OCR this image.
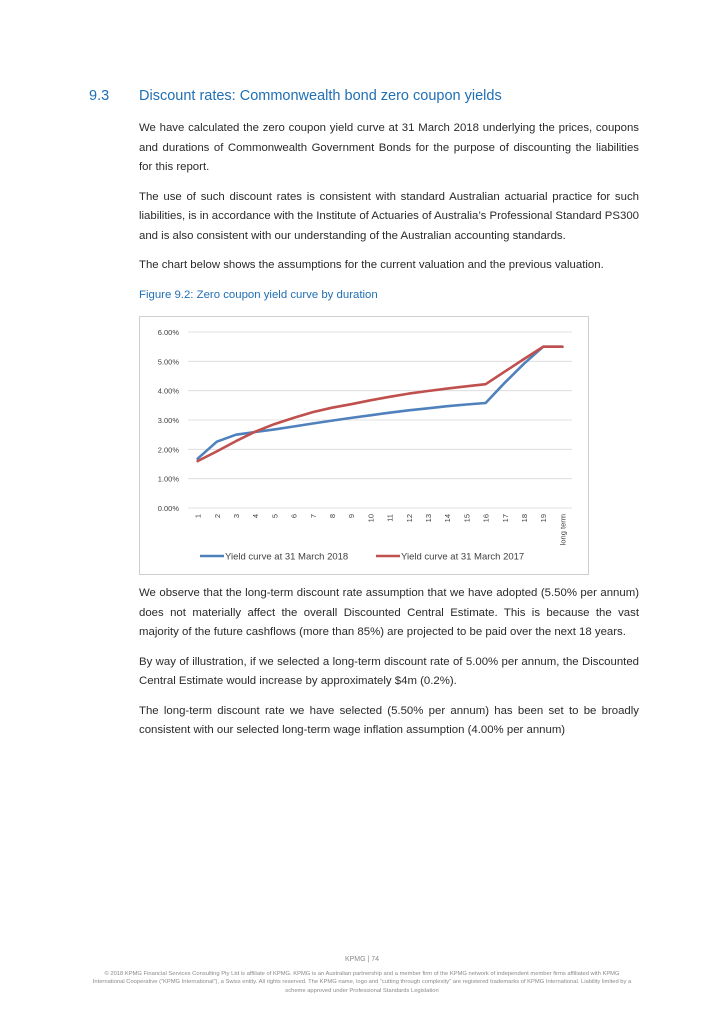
9.3 Discount rates: Commonwealth bond zero coupon yields

We have calculated the zero coupon yield curve at 31 March 2018 underlying the prices, coupons and durations of Commonwealth Government Bonds for the purpose of discounting the liabilities for this report.

The use of such discount rates is consistent with standard Australian actuarial practice for such liabilities, is in accordance with the Institute of Actuaries of Australia’s Professional Standard PS300 and is also consistent with our understanding of the Australian accounting standards.

The chart below shows the assumptions for the current valuation and the previous valuation.

Figure 9.2: Zero coupon yield curve by duration
0.00%
1.00%
2.00%
3.00%
4.00%
5.00%
6.00%
1 2 3 4 5 6 7 8 9 10 11 12 13 14 15 16 17 18 19 long term
Yield curve at 31 March 2018	Yield curve at 31 March 2017

We observe that the long-term discount rate assumption that we have adopted (5.50% per annum) does not materially affect the overall Discounted Central Estimate. This is because the vast majority of the future cashflows (more than 85%) are projected to be paid over the next 18 years.

By way of illustration, if we selected a long-term discount rate of 5.00% per annum, the Discounted Central Estimate would increase by approximately $4m (0.2%).

The long-term discount rate we have selected (5.50% per annum) has been set to be broadly consistent with our selected long-term wage inflation assumption (4.00% per annum)

KPMG | 74
© 2018 KPMG Financial Services Consulting Pty Ltd is affiliate of KPMG. KPMG is an Australian partnership and a member firm of the KPMG network of independent member firms affiliated with KPMG International Cooperative (“KPMG International”), a Swiss entity. All rights reserved. The KPMG name, logo and “cutting through complexity” are registered trademarks of KPMG International. Liability limited by a scheme approved under Professional Standards Legislation
